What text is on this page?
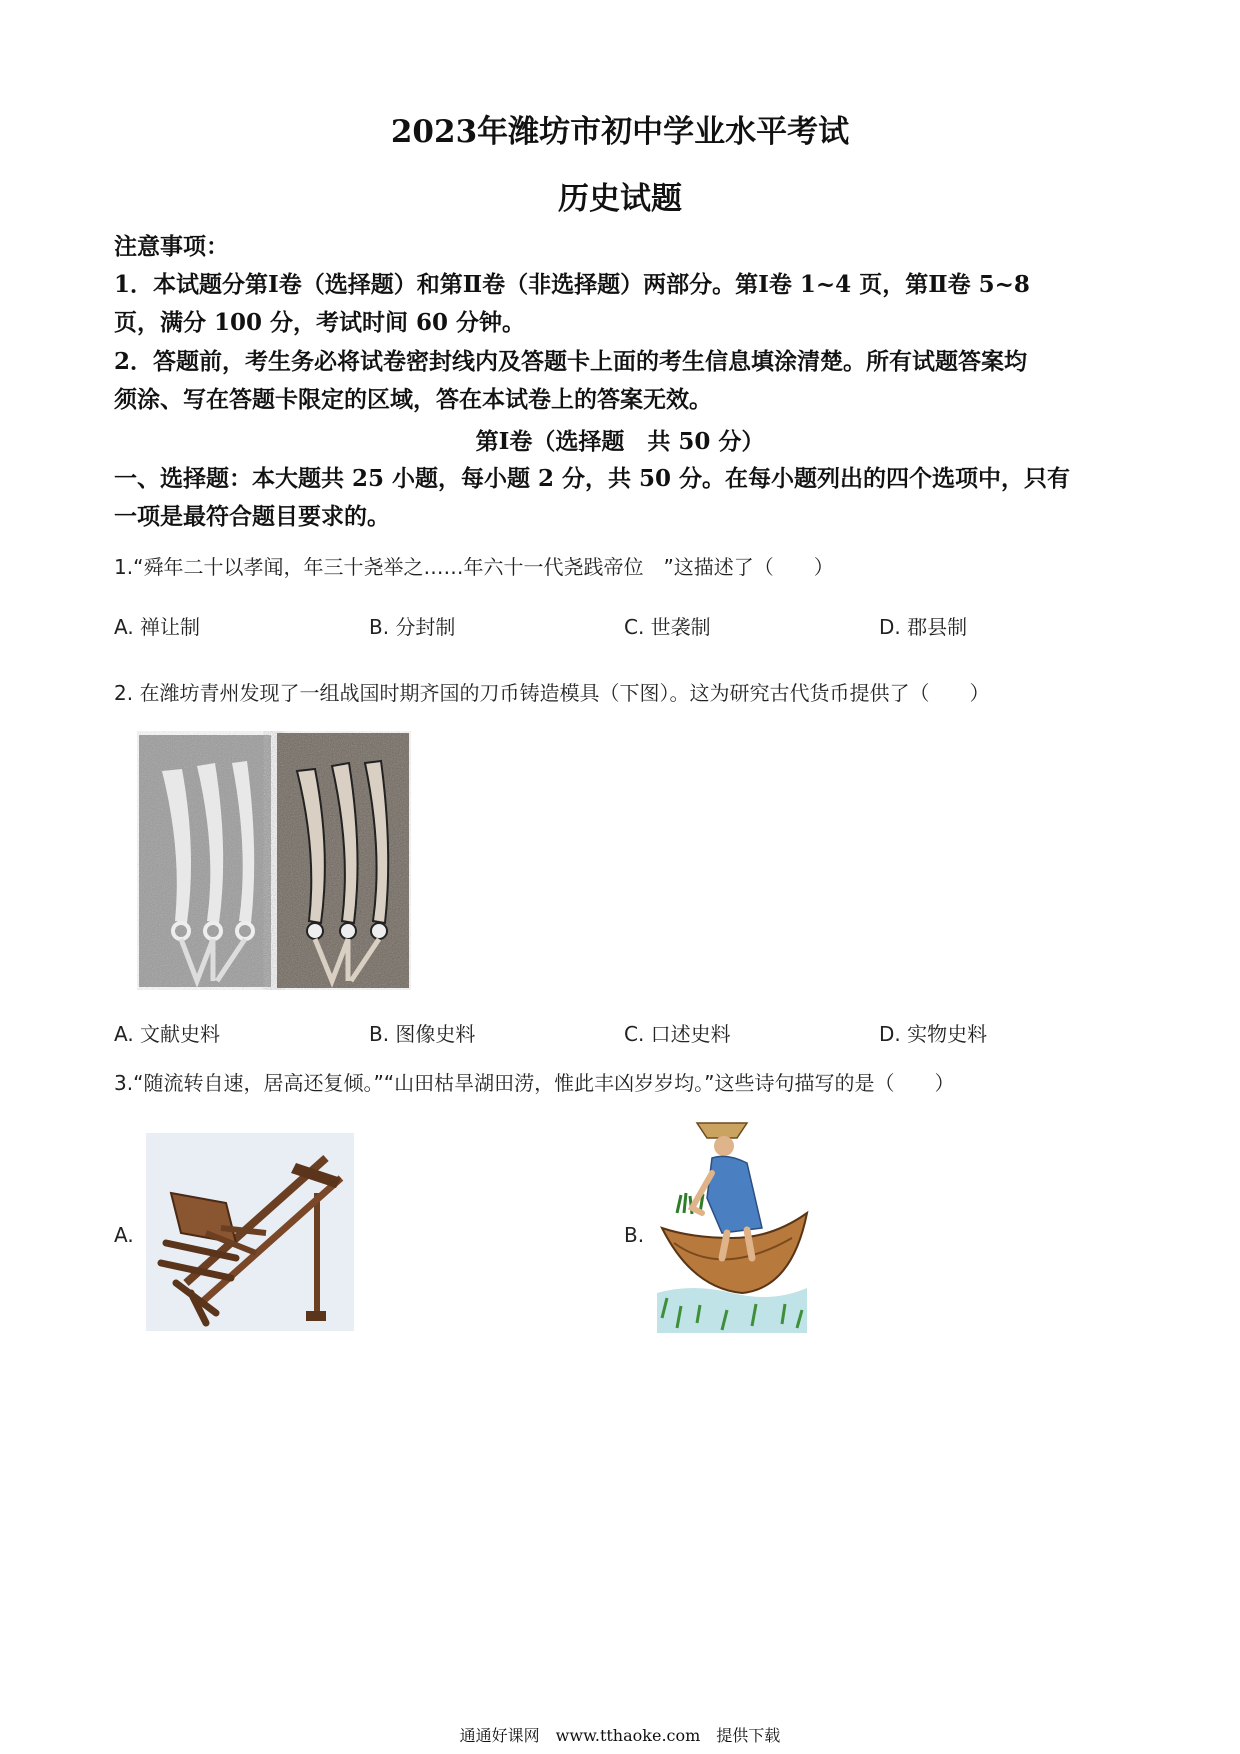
2023年潍坊市初中学业水平考试
历史试题
注意事项：
1．本试题分第Ⅰ卷（选择题）和第Ⅱ卷（非选择题）两部分。第Ⅰ卷 1~4 页，第Ⅱ卷 5~8
页，满分 100 分，考试时间 60 分钟。
2．答题前，考生务必将试卷密封线内及答题卡上面的考生信息填涂清楚。所有试题答案均
须涂、写在答题卡限定的区域，答在本试卷上的答案无效。
第Ⅰ卷（选择题　共 50 分）
一、选择题：本大题共 25 小题，每小题 2 分，共 50 分。在每小题列出的四个选项中，只有
一项是最符合题目要求的。
1.“舜年二十以孝闻，年三十尧举之……年六十一代尧践帝位　”这描述了（　　）
A. 禅让制	B. 分封制	C. 世袭制	D. 郡县制
2. 在潍坊青州发现了一组战国时期齐国的刀币铸造模具（下图）。这为研究古代货币提供了（　　）
A. 文献史料	B. 图像史料	C. 口述史料	D. 实物史料
3.“随流转自速，居高还复倾。”“山田枯旱湖田涝，惟此丰凶岁岁均。”这些诗句描写的是（　　）
A.	B.
通通好课网　www.tthaoke.com　提供下载
